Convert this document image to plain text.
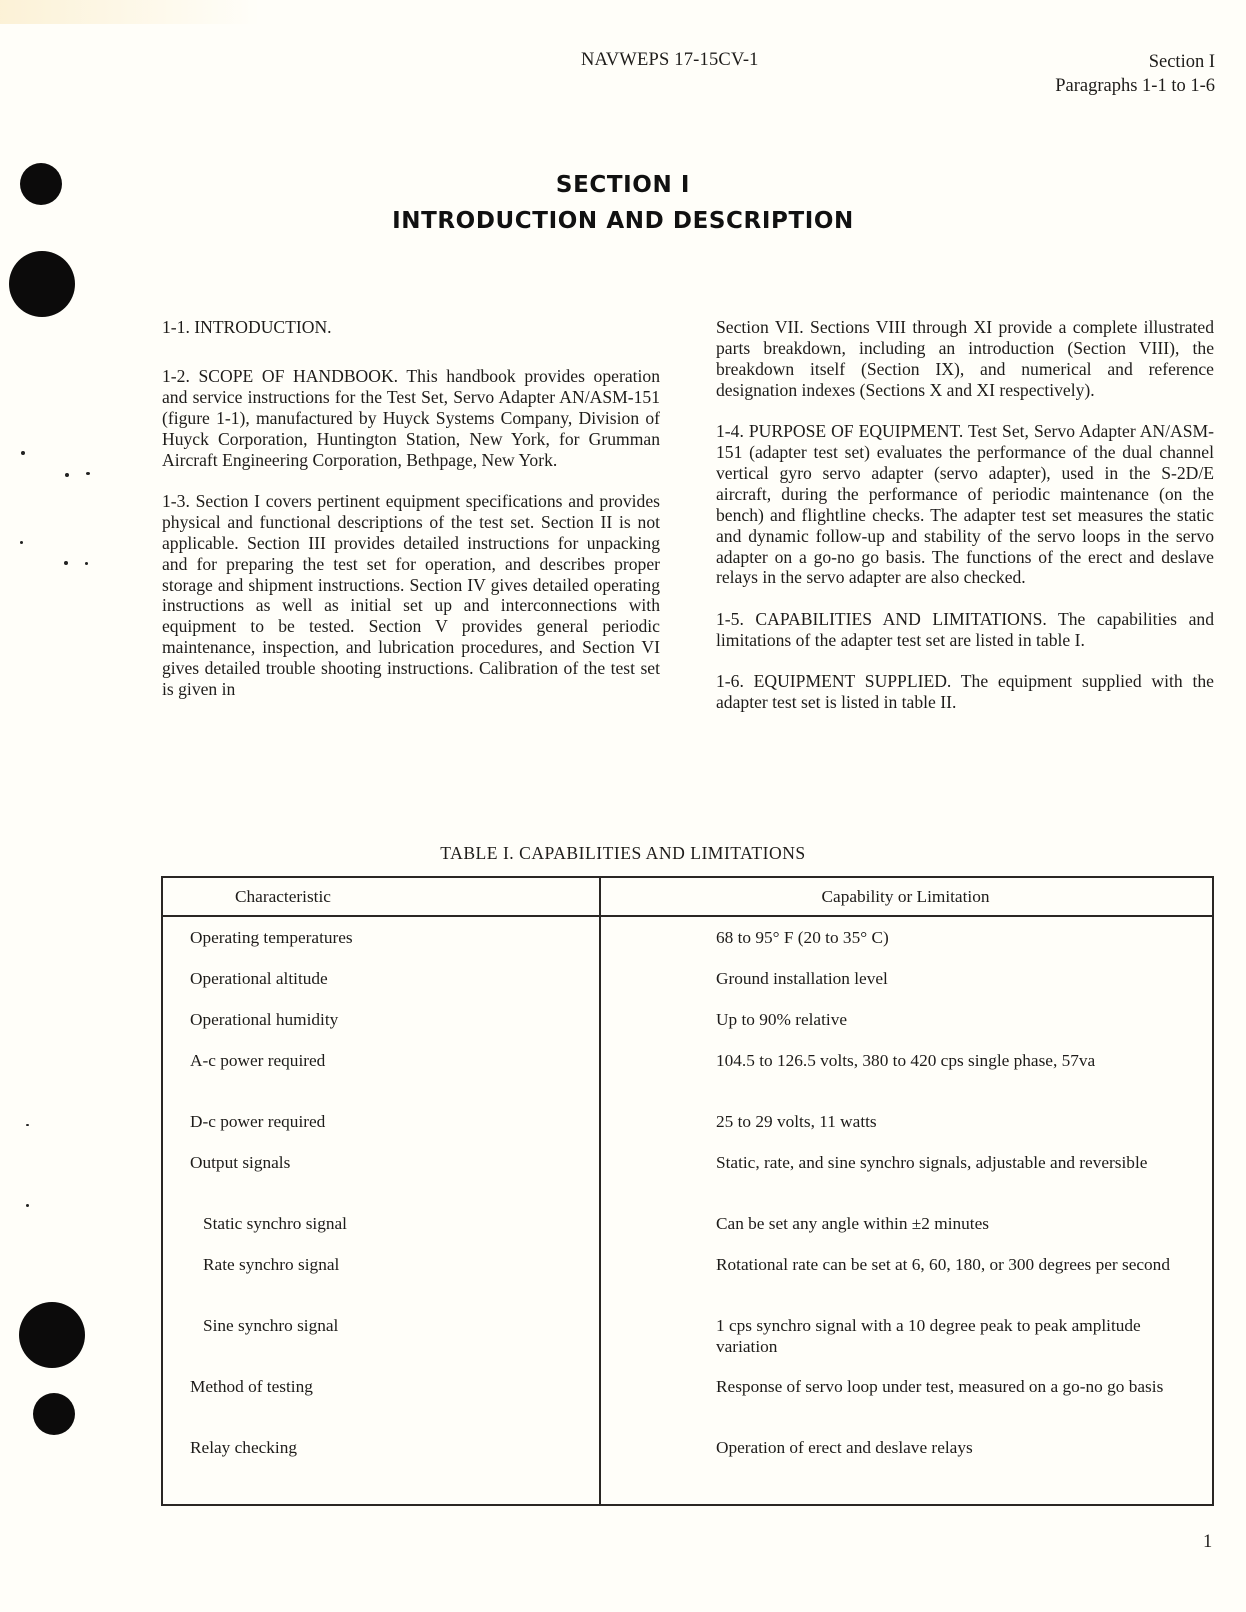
NAVWEPS 17-15CV-1	Section I
Paragraphs 1-1 to 1-6
SECTION I
INTRODUCTION AND DESCRIPTION

1-1. INTRODUCTION.

1-2. SCOPE OF HANDBOOK. This handbook provides operation and service instructions for the Test Set, Servo Adapter AN/ASM-151 (figure 1-1), manufactured by Huyck Systems Company, Division of Huyck Corporation, Huntington Station, New York, for Grumman Aircraft Engineering Corporation, Bethpage, New York.

1-3. Section I covers pertinent equipment specifications and provides physical and functional descriptions of the test set. Section II is not applicable. Section III provides detailed instructions for unpacking and for preparing the test set for operation, and describes proper storage and shipment instructions. Section IV gives detailed operating instructions as well as initial set up and interconnections with equipment to be tested. Section V provides general periodic maintenance, inspection, and lubrication procedures, and Section VI gives detailed trouble shooting instructions. Calibration of the test set is given in

Section VII. Sections VIII through XI provide a complete illustrated parts breakdown, including an introduction (Section VIII), the breakdown itself (Section IX), and numerical and reference designation indexes (Sections X and XI respectively).

1-4. PURPOSE OF EQUIPMENT. Test Set, Servo Adapter AN/ASM-151 (adapter test set) evaluates the performance of the dual channel vertical gyro servo adapter (servo adapter), used in the S-2D/E aircraft, during the performance of periodic maintenance (on the bench) and flightline checks. The adapter test set measures the static and dynamic follow-up and stability of the servo loops in the servo adapter on a go-no go basis. The functions of the erect and deslave relays in the servo adapter are also checked.

1-5. CAPABILITIES AND LIMITATIONS. The capabilities and limitations of the adapter test set are listed in table I.

1-6. EQUIPMENT SUPPLIED. The equipment supplied with the adapter test set is listed in table II.

TABLE I. CAPABILITIES AND LIMITATIONS
Characteristic	Capability or Limitation
Operating temperatures	68 to 95° F (20 to 35° C)
Operational altitude	Ground installation level
Operational humidity	Up to 90% relative
A-c power required	104.5 to 126.5 volts, 380 to 420 cps single phase, 57va
D-c power required	25 to 29 volts, 11 watts
Output signals	Static, rate, and sine synchro signals, adjustable and reversible
Static synchro signal	Can be set any angle within ±2 minutes
Rate synchro signal	Rotational rate can be set at 6, 60, 180, or 300 degrees per second
Sine synchro signal	1 cps synchro signal with a 10 degree peak to peak amplitude variation
Method of testing	Response of servo loop under test, measured on a go-no go basis
Relay checking	Operation of erect and deslave relays
1
